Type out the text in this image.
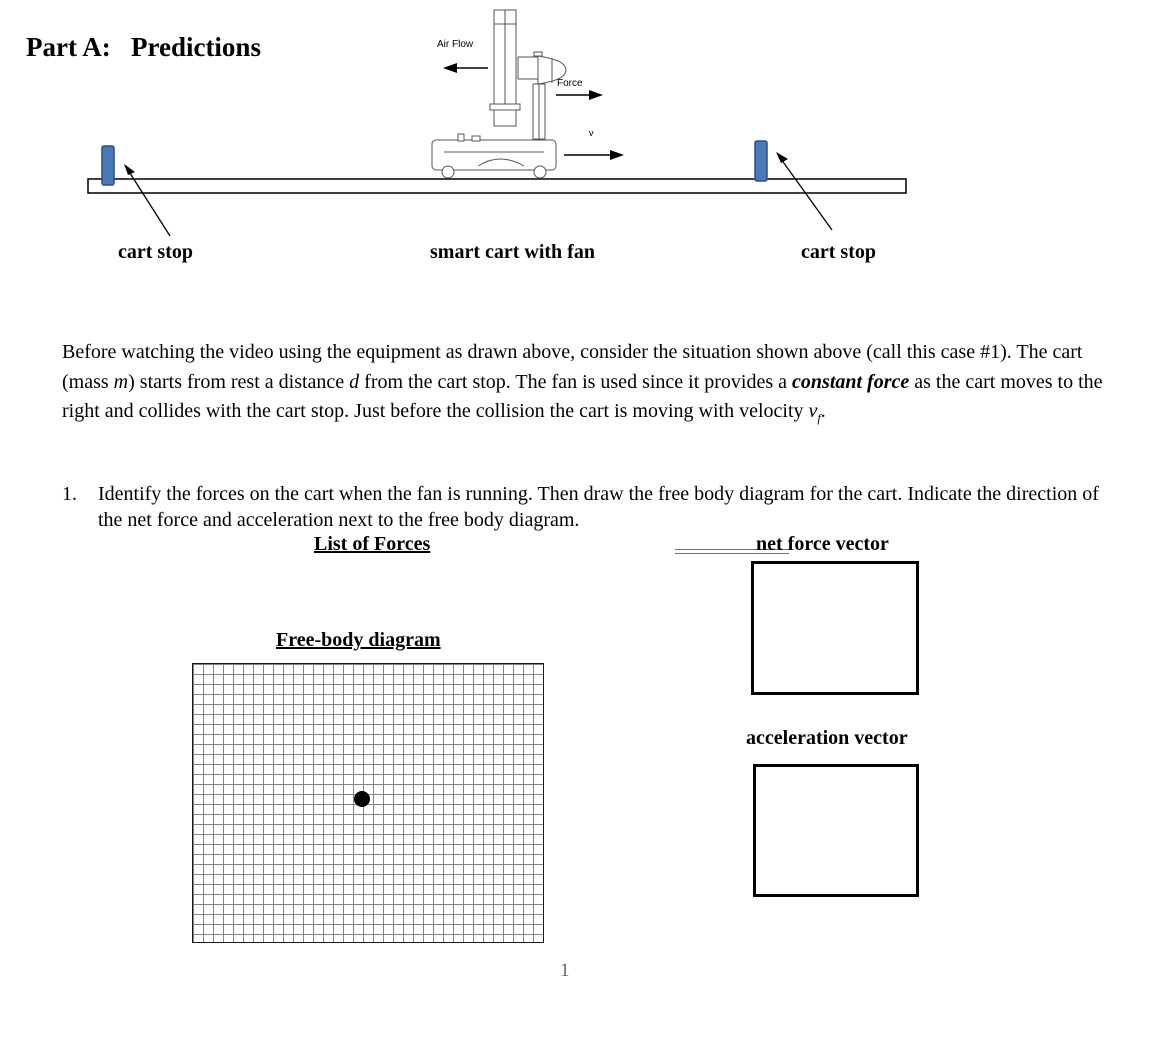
Part A:   Predictions	Air Flow
Force
v
cart stop	smart cart with fan	cart stop
Before watching the video using the equipment as drawn above, consider the situation shown above (call this case #1). The cart (mass m) starts from rest a distance d from the cart stop. The fan is used since it provides a constant force as the cart moves to the right and collides with the cart stop. Just before the collision the cart is moving with velocity $v_f$.
1. Identify the forces on the cart when the fan is running. Then draw the free body diagram for the cart. Indicate the direction of the net force and acceleration next to the free body diagram.
List of Forces	net force vector
Free-body diagram
acceleration vector
1
